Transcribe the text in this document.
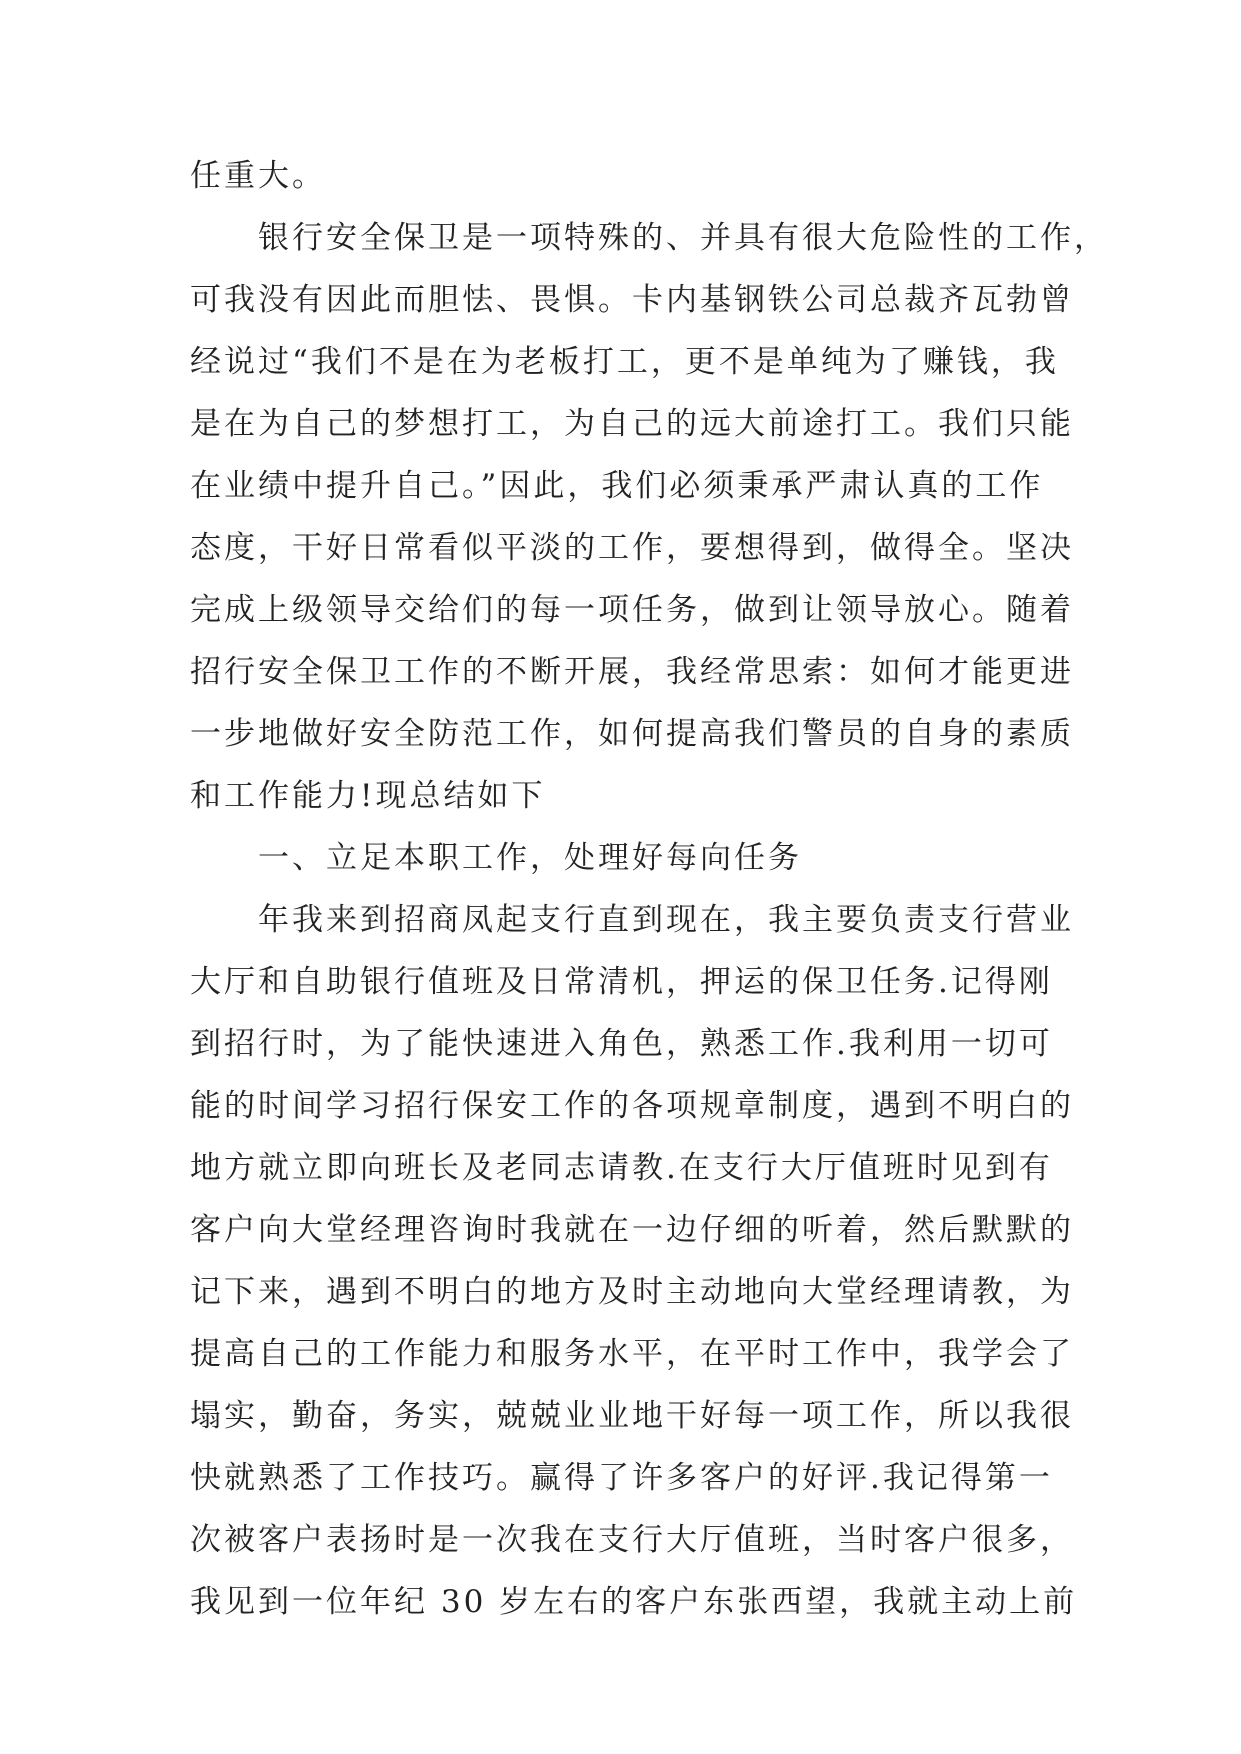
任重大。
　　银行安全保卫是一项特殊的、并具有很大危险性的工作，
可我没有因此而胆怯、畏惧。卡内基钢铁公司总裁齐瓦勃曾
经说过“我们不是在为老板打工，更不是单纯为了赚钱，我
是在为自己的梦想打工，为自己的远大前途打工。我们只能
在业绩中提升自己。”因此，我们必须秉承严肃认真的工作
态度，干好日常看似平淡的工作，要想得到，做得全。坚决
完成上级领导交给们的每一项任务，做到让领导放心。随着
招行安全保卫工作的不断开展，我经常思索：如何才能更进
一步地做好安全防范工作，如何提高我们警员的自身的素质
和工作能力!现总结如下
　　一、立足本职工作，处理好每向任务
　　年我来到招商凤起支行直到现在，我主要负责支行营业
大厅和自助银行值班及日常清机，押运的保卫任务.记得刚
到招行时，为了能快速进入角色，熟悉工作.我利用一切可
能的时间学习招行保安工作的各项规章制度，遇到不明白的
地方就立即向班长及老同志请教.在支行大厅值班时见到有
客户向大堂经理咨询时我就在一边仔细的听着，然后默默的
记下来，遇到不明白的地方及时主动地向大堂经理请教，为
提高自己的工作能力和服务水平，在平时工作中，我学会了
塌实，勤奋，务实，兢兢业业地干好每一项工作，所以我很
快就熟悉了工作技巧。赢得了许多客户的好评.我记得第一
次被客户表扬时是一次我在支行大厅值班，当时客户很多，
我见到一位年纪 30 岁左右的客户东张西望，我就主动上前
